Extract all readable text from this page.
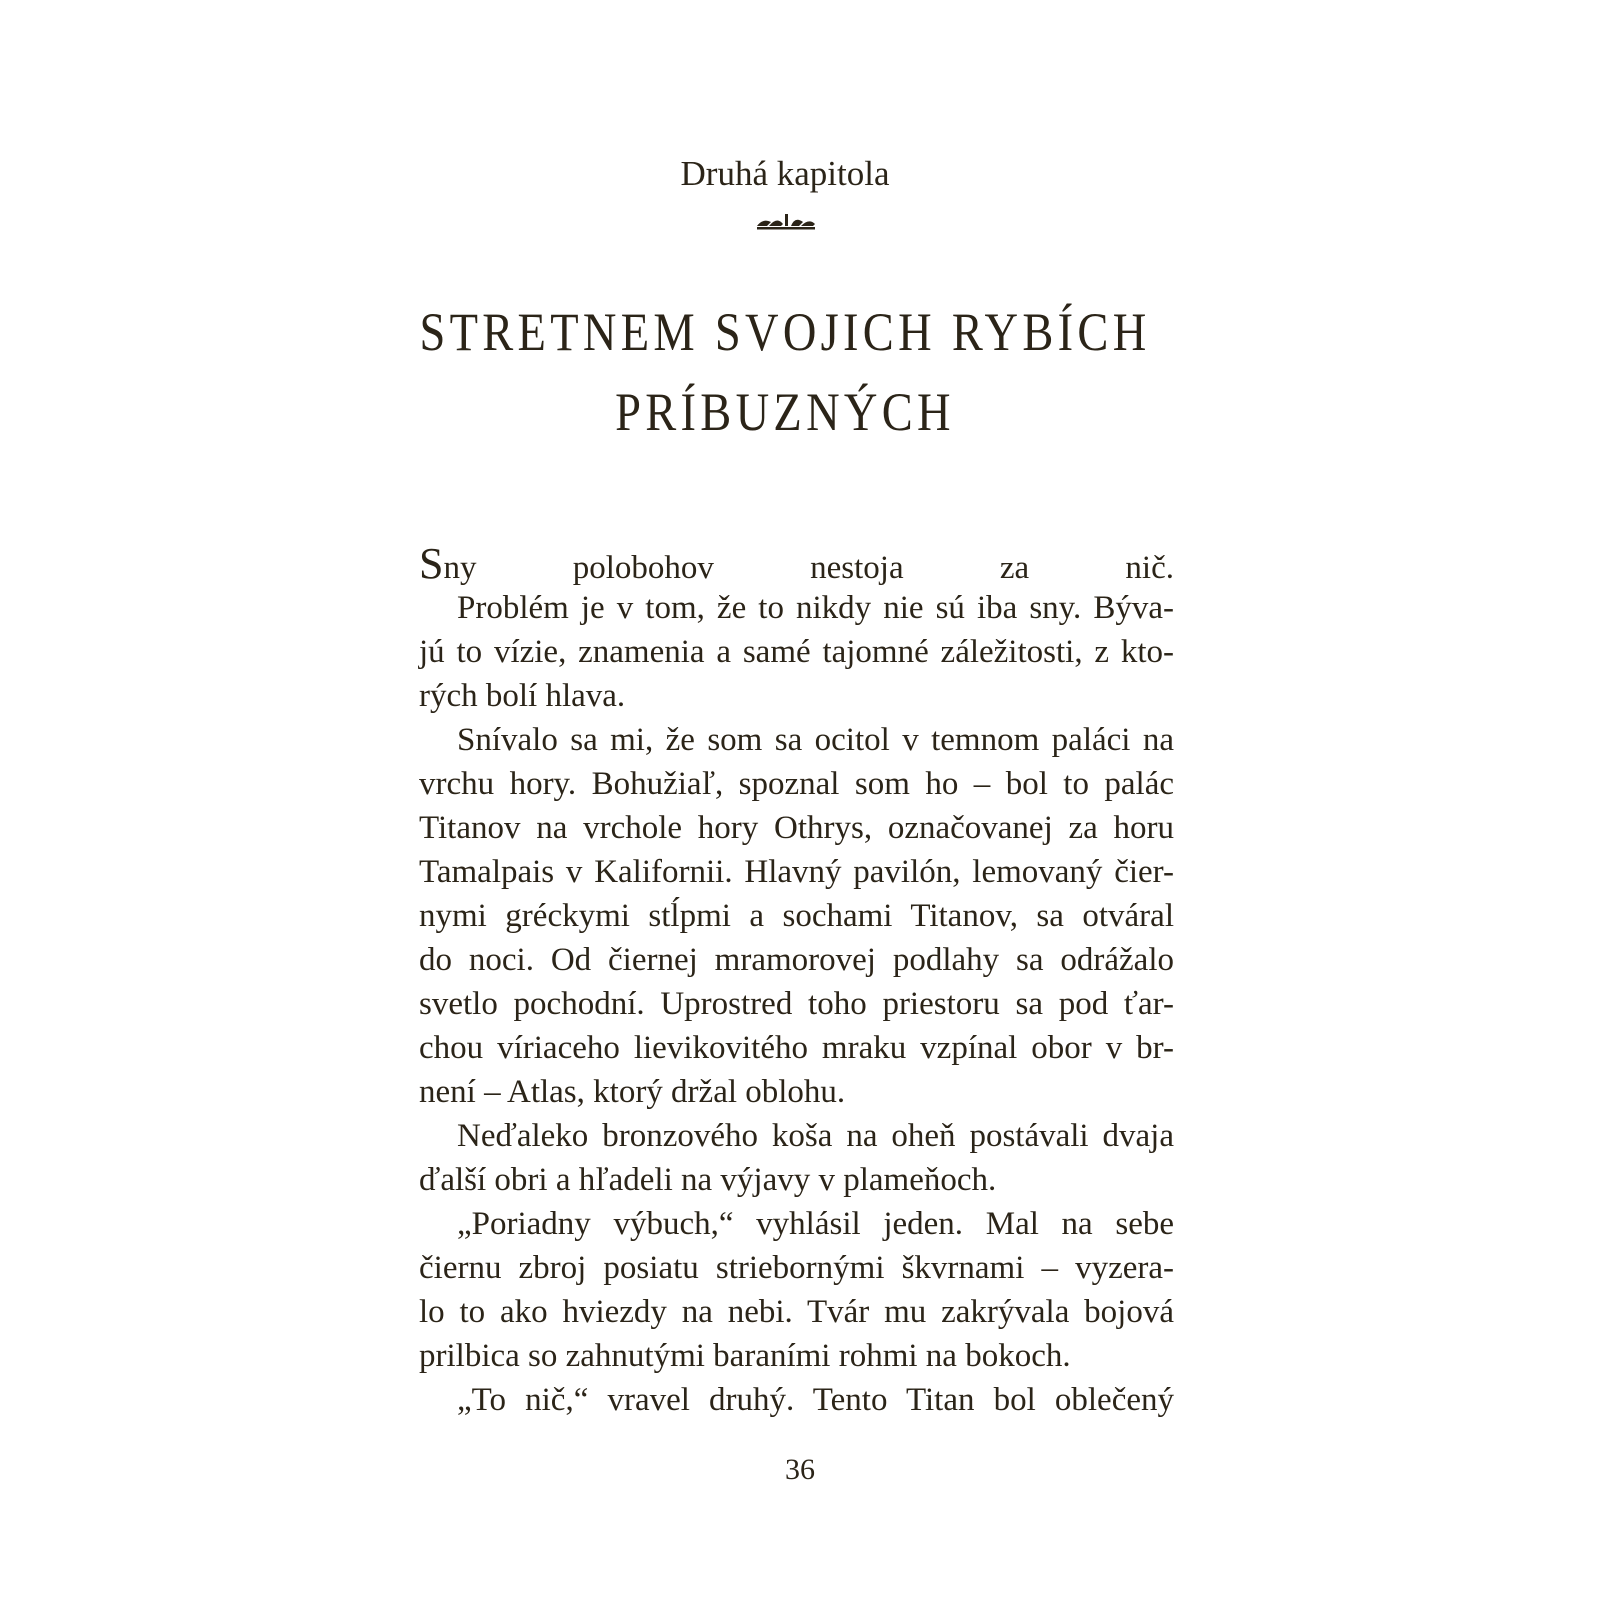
Druhá kapitola
STRETNEM SVOJICH RYBÍCH
PRÍBUZNÝCH
Sny polobohov nestoja za nič.
Problém je v tom, že to nikdy nie sú iba sny. Býva-
jú to vízie, znamenia a samé tajomné záležitosti, z kto-
rých bolí hlava.
Snívalo sa mi, že som sa ocitol v temnom paláci na
vrchu hory. Bohužiaľ, spoznal som ho – bol to palác
Titanov na vrchole hory Othrys, označovanej za horu
Tamalpais v Kalifornii. Hlavný pavilón, lemovaný čier-
nymi gréckymi stĺpmi a sochami Titanov, sa otváral
do noci. Od čiernej mramorovej podlahy sa odrážalo
svetlo pochodní. Uprostred toho priestoru sa pod ťar-
chou víriaceho lievikovitého mraku vzpínal obor v br-
není – Atlas, ktorý držal oblohu.
Neďaleko bronzového koša na oheň postávali dvaja
ďalší obri a hľadeli na výjavy v plameňoch.
„Poriadny výbuch,“ vyhlásil jeden. Mal na sebe
čiernu zbroj posiatu striebornými škvrnami – vyzera-
lo to ako hviezdy na nebi. Tvár mu zakrývala bojová
prilbica so zahnutými baraními rohmi na bokoch.
„To nič,“ vravel druhý. Tento Titan bol oblečený
36
